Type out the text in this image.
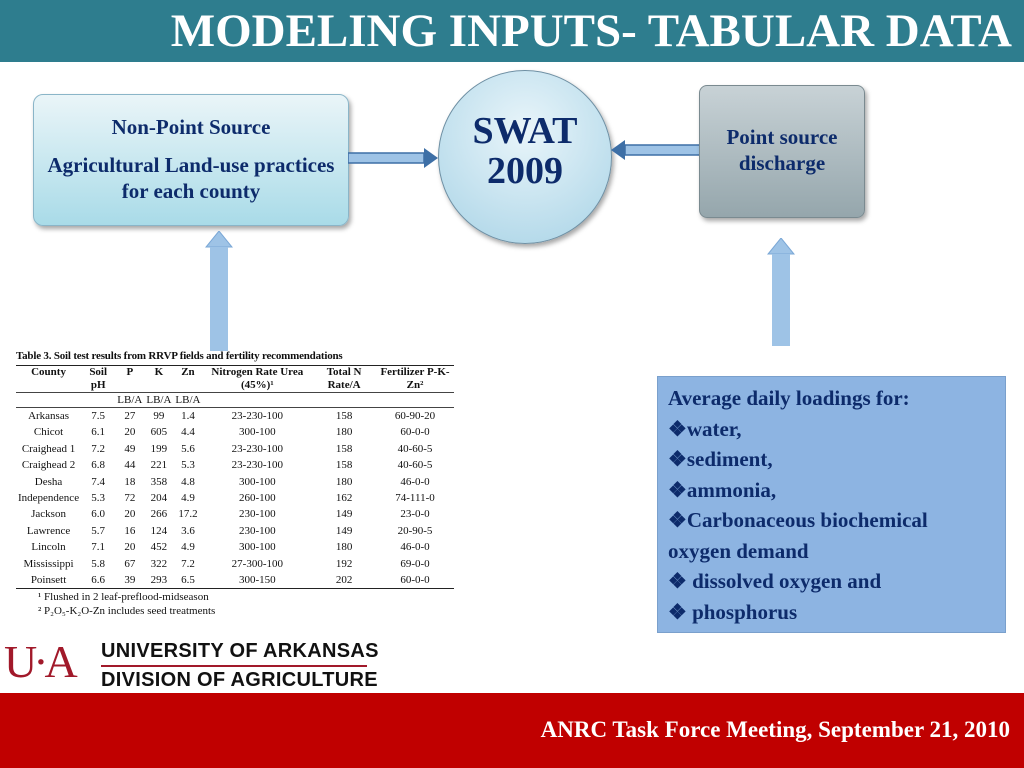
MODELING INPUTS- TABULAR DATA
Non-Point Source
Agricultural Land-use practices for each county
SWAT
2009
Point source
discharge
Table 3. Soil test results from RRVP fields and fertility recommendations
County	Soil pH	P	K	Zn	Nitrogen Rate Urea (45%)¹	Total N Rate/A	Fertilizer P-K-Zn²
		LB/A	LB/A	LB/A			
Arkansas	7.5	27	99	1.4	23-230-100	158	60-90-20
Chicot	6.1	20	605	4.4	300-100	180	60-0-0
Craighead 1	7.2	49	199	5.6	23-230-100	158	40-60-5
Craighead 2	6.8	44	221	5.3	23-230-100	158	40-60-5
Desha	7.4	18	358	4.8	300-100	180	46-0-0
Independence	5.3	72	204	4.9	260-100	162	74-111-0
Jackson	6.0	20	266	17.2	230-100	149	23-0-0
Lawrence	5.7	16	124	3.6	230-100	149	20-90-5
Lincoln	7.1	20	452	4.9	300-100	180	46-0-0
Mississippi	5.8	67	322	7.2	27-300-100	192	69-0-0
Poinsett	6.6	39	293	6.5	300-150	202	60-0-0
¹ Flushed in 2 leaf-preflood-midseason
² P₂O₅-K₂O-Zn includes seed treatments
Average daily loadings for:
❖water,
❖sediment,
❖ammonia,
❖Carbonaceous biochemical
oxygen demand
❖ dissolved oxygen and
❖ phosphorus
U·A	UNIVERSITY OF ARKANSAS
DIVISION OF AGRICULTURE
ANRC Task Force Meeting, September 21, 2010
